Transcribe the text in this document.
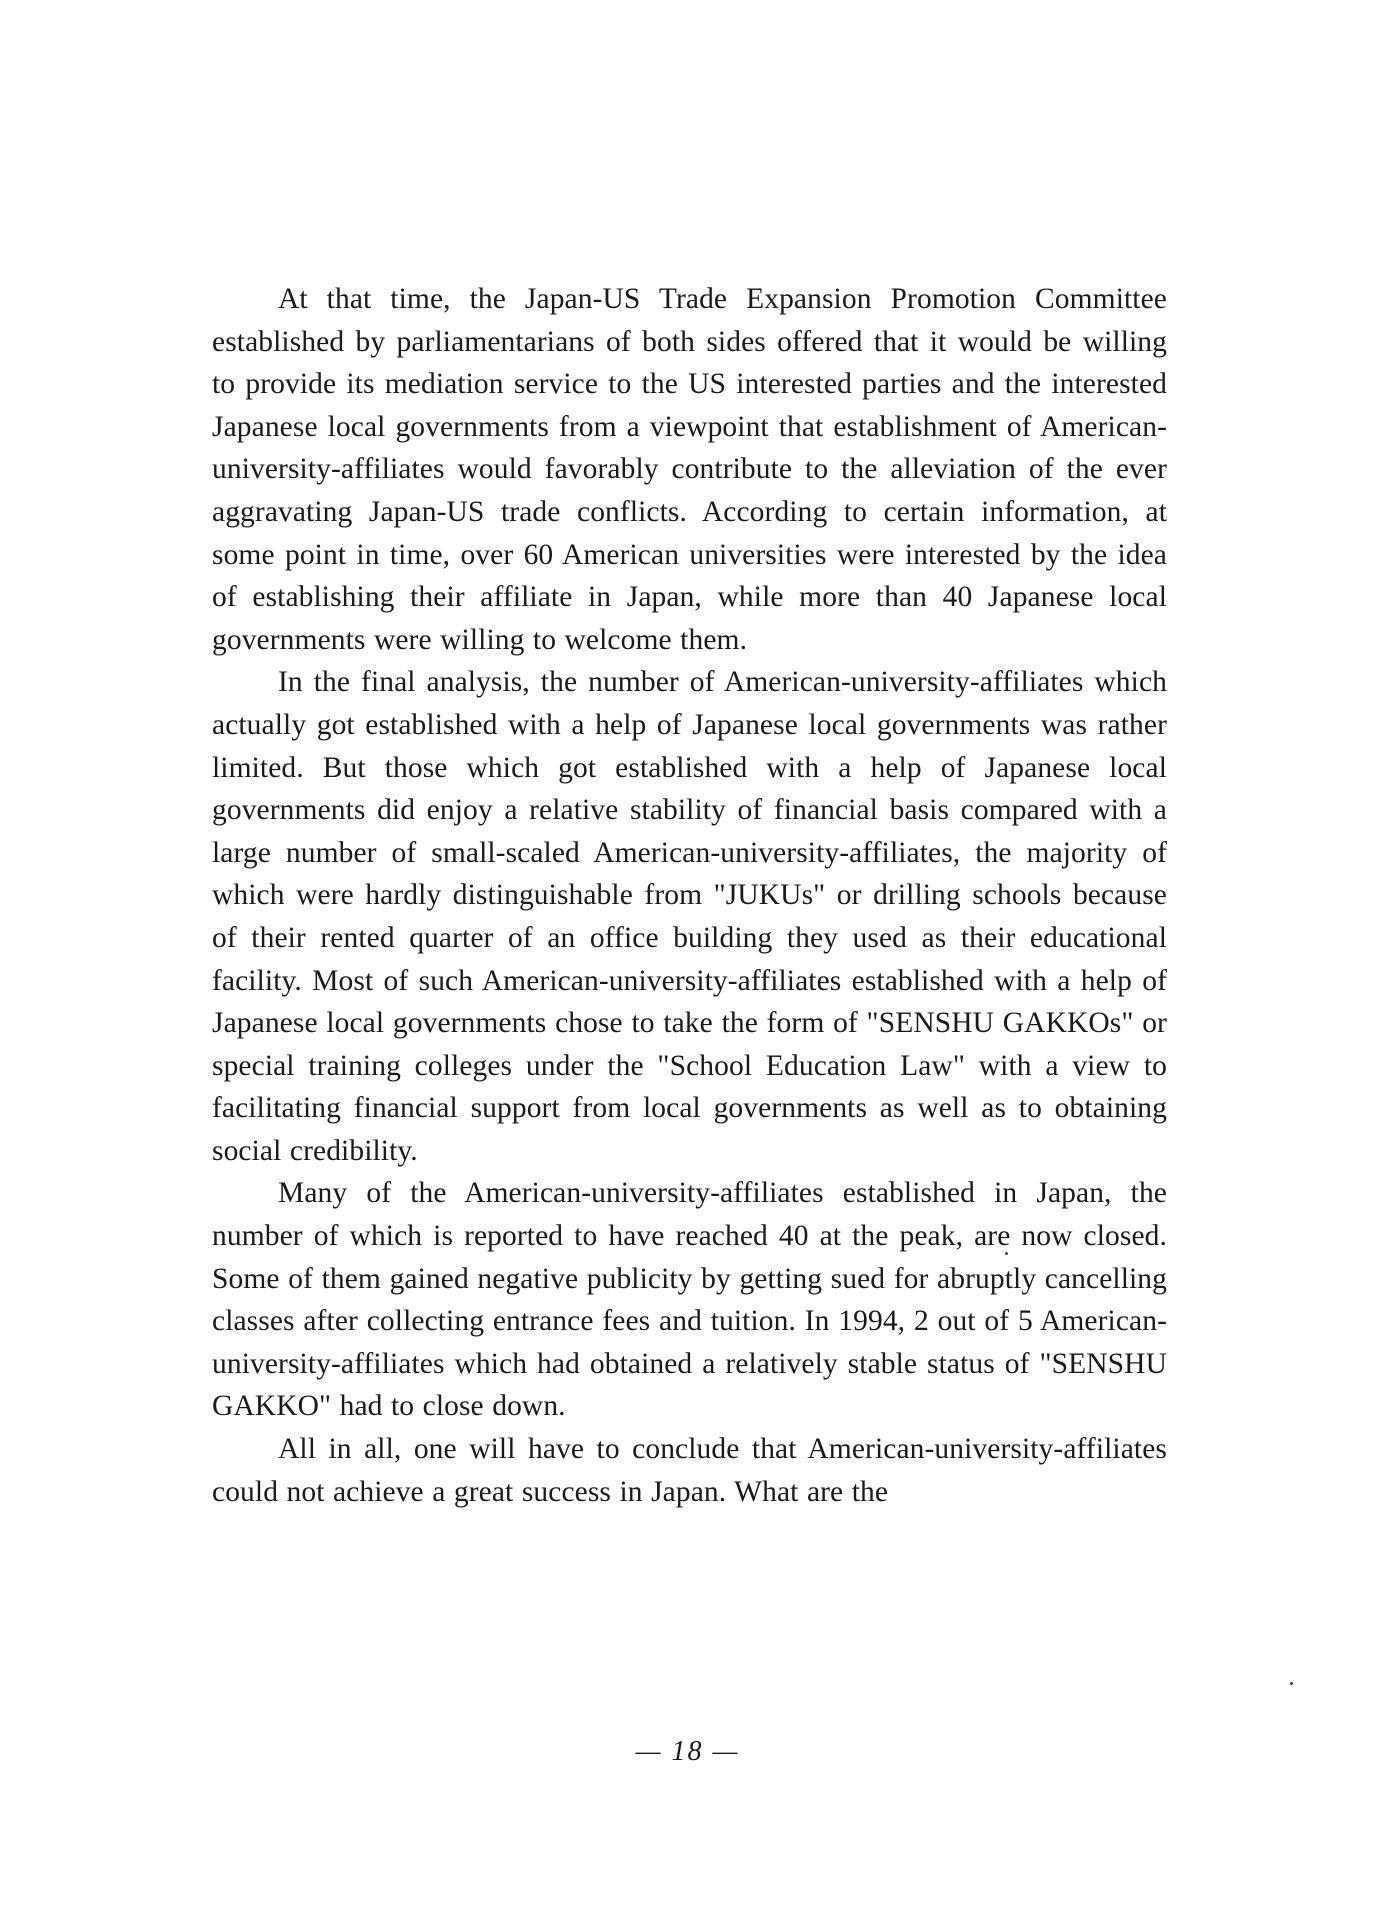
At that time, the Japan-US Trade Expansion Promotion Committee established by parliamentarians of both sides offered that it would be willing to provide its mediation service to the US interested parties and the interested Japanese local governments from a viewpoint that establishment of American-university-affiliates would favorably contribute to the alleviation of the ever aggravating Japan-US trade conflicts. According to certain information, at some point in time, over 60 American universities were interested by the idea of establishing their affiliate in Japan, while more than 40 Japanese local governments were willing to welcome them.

In the final analysis, the number of American-university-affiliates which actually got established with a help of Japanese local governments was rather limited. But those which got established with a help of Japanese local governments did enjoy a relative stability of financial basis compared with a large number of small-scaled American-university-affiliates, the majority of which were hardly distinguishable from "JUKUs" or drilling schools because of their rented quarter of an office building they used as their educational facility. Most of such American-university-affiliates established with a help of Japanese local governments chose to take the form of "SENSHU GAKKOs" or special training colleges under the "School Education Law" with a view to facilitating financial support from local governments as well as to obtaining social credibility.

Many of the American-university-affiliates established in Japan, the number of which is reported to have reached 40 at the peak, are now closed. Some of them gained negative publicity by getting sued for abruptly cancelling classes after collecting entrance fees and tuition. In 1994, 2 out of 5 American-university-affiliates which had obtained a relatively stable status of "SENSHU GAKKO" had to close down.

All in all, one will have to conclude that American-university-affiliates could not achieve a great success in Japan. What are the

— 18 —
